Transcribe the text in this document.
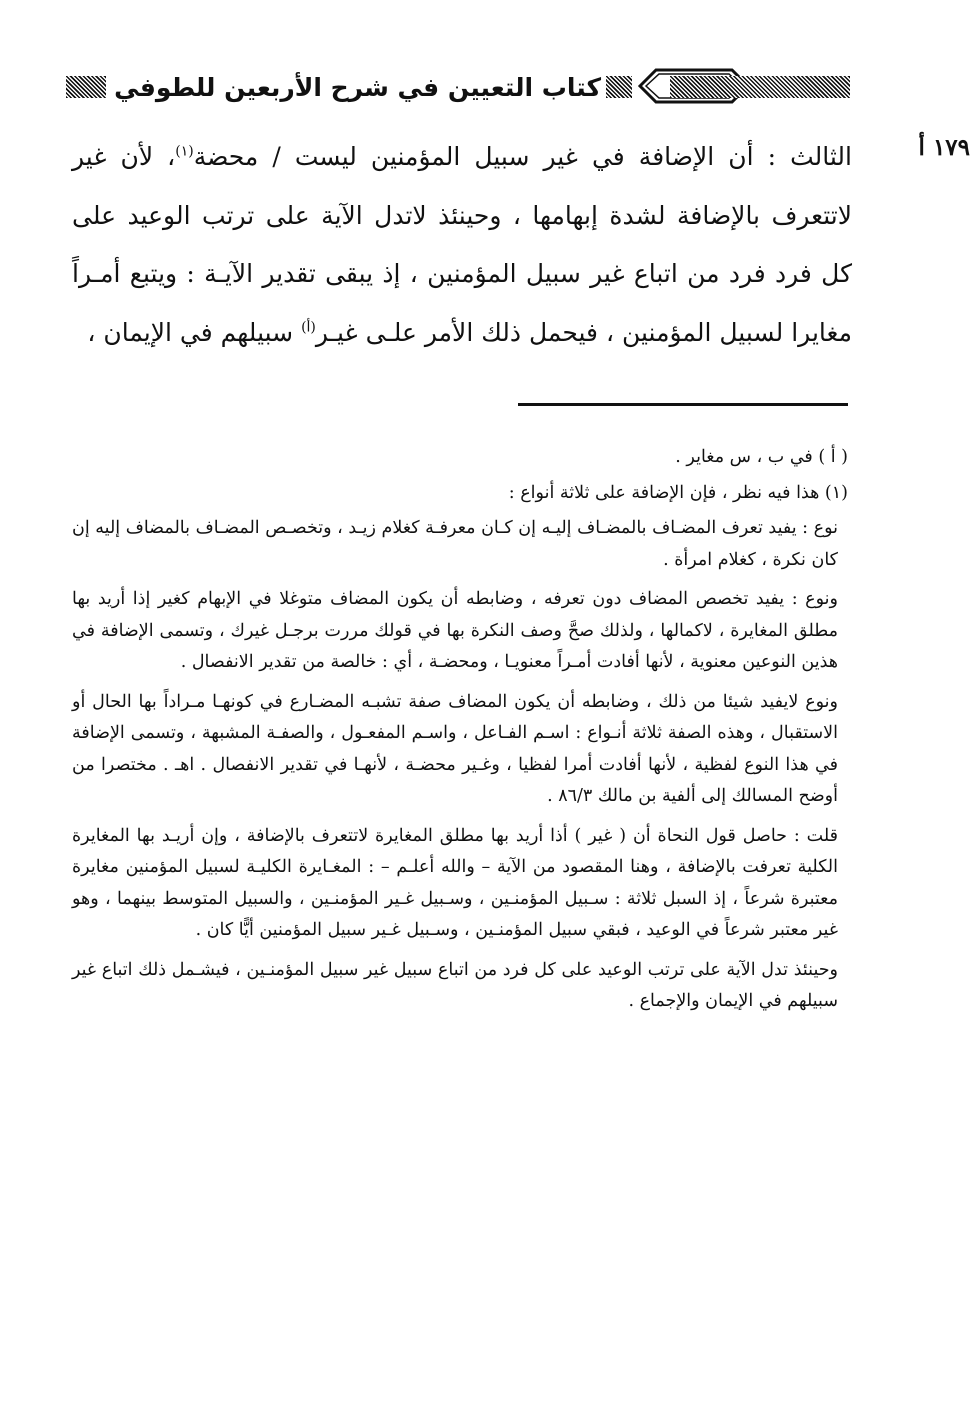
كتاب التعيين في شرح الأربعين للطوفي
١٧٩ أ

الثالث : أن الإضافة في غير سبيل المؤمنين ليست / محضة$^{(١)}$، لأن غير لاتتعرف بالإضافة لشدة إبهامها ، وحينئذ لاتدل الآية على ترتب الوعيد على كل فرد فرد من اتباع غير سبيل المؤمنين ، إذ يبقى تقدير الآيـة : ويتبع أمـراً مغايرا لسبيل المؤمنين ، فيحمل ذلك الأمر علـى غيـر$^{(أ)}$ سبيلهم في الإيمان ،

( أ ) في ب ، س مغاير .

(١) هذا فيه نظر ، فإن الإضافة على ثلاثة أنواع :

نوع : يفيد تعرف المضـاف بالمضـاف إليـه إن كـان معرفـة كغلام زيـد ، وتخصـص المضـاف بالمضاف إليه إن كان نكرة ، كغلام امرأة .

ونوع : يفيد تخصص المضاف دون تعرفه ، وضابطه أن يكون المضاف متوغلا في الإبهام كغير إذا أريد بها مطلق المغايرة ، لاكمالها ، ولذلك صحَّ وصف النكرة بها في قولك مررت برجـل غيرك ، وتسمى الإضافة في هذين النوعين معنوية ، لأنها أفادت أمـراً معنويـا ، ومحضـة ، أي : خالصة من تقدير الانفصال .

ونوع لايفيد شيئا من ذلك ، وضابطه أن يكون المضاف صفة تشبـه المضـارع في كونهـا مـراداً بها الحال أو الاستقبال ، وهذه الصفة ثلاثة أنـواع : اسـم الفـاعل ، واسـم المفعـول ، والصفـة المشبهة ، وتسمى الإضافة في هذا النوع لفظية ، لأنها أفادت أمرا لفظيا ، وغـير محضـة ، لأنهـا في تقدير الانفصال . اهـ . مختصرا من أوضح المسالك إلى ألفية بن مالك ٨٦/٣ .

قلت : حاصل قول النحاة أن ( غير ) أذا أريد بها مطلق المغايرة لاتتعرف بالإضافة ، وإن أريـد بها المغايرة الكلية تعرفت بالإضافة ، وهنا المقصود من الآية – والله أعلـم – : المغـايرة الكليـة لسبيل المؤمنين مغايرة معتبرة شرعاً ، إذ السبل ثلاثة : سـبيل المؤمنـين ، وسـبيل غـير المؤمنـين ، والسبيل المتوسط بينهما ، وهو غير معتبر شرعاً في الوعيد ، فبقي سبيل المؤمنـين ، وسـبيل غـير سبيل المؤمنين أيًّا كان .

وحينئذ تدل الآية على ترتب الوعيد على كل فرد من اتباع سبيل غير سبيل المؤمنـين ، فيشـمل ذلك اتباع غير سبيلهم في الإيمان والإجماع .
